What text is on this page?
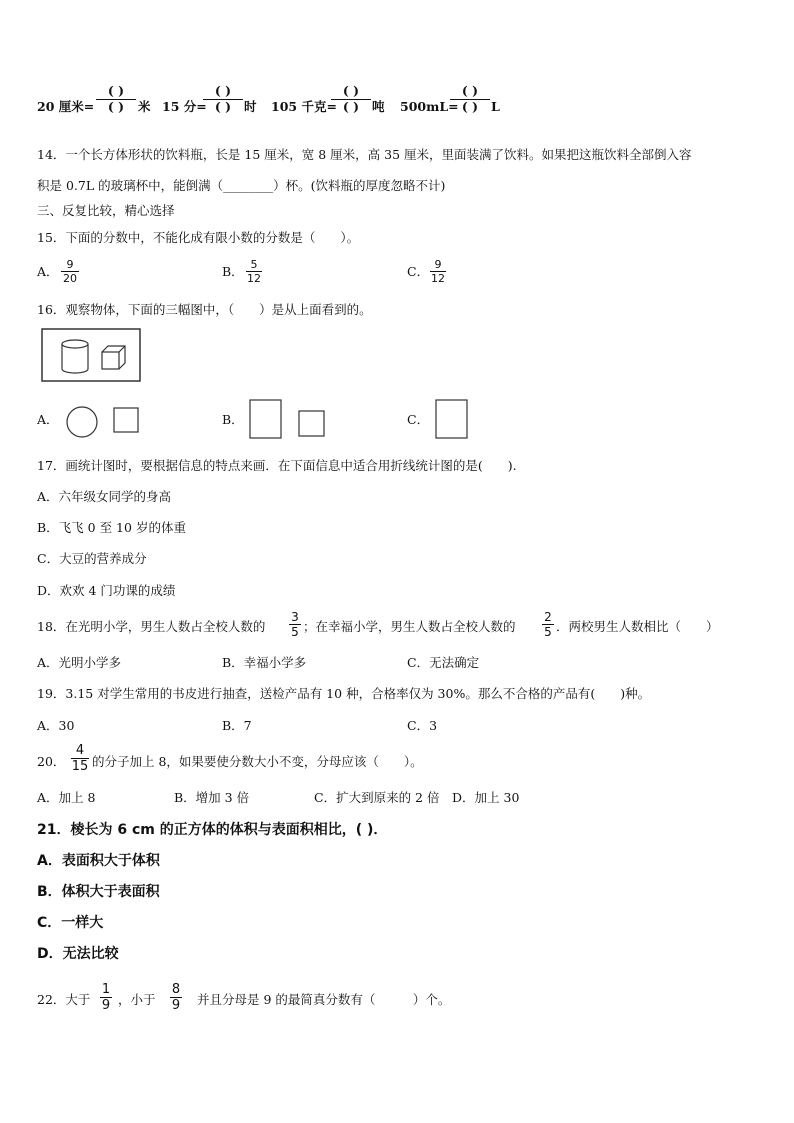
20 厘米=
( )
( )	米 15 分=
( )
( )	时 105 千克=
( )
( )	吨 500mL=
( )
( )	L
14．一个长方体形状的饮料瓶，长是 15 厘米，宽 8 厘米，高 35 厘米，里面装满了饮料。如果把这瓶饮料全部倒入容
积是 0.7L 的玻璃杯中，能倒满（________）杯。(饮料瓶的厚度忽略不计)
三、反复比较，精心选择
15．下面的分数中，不能化成有限小数的分数是（　　）。
A． 9
20	B． 5
12	C． 9
12
16．观察物体，下面的三幅图中，（　　）是从上面看到的。
A．	B．	C．
17．画统计图时，要根据信息的特点来画．在下面信息中适合用折线统计图的是(　　).
A．六年级女同学的身高
B．飞飞 0 至 10 岁的体重
C．大豆的营养成分
D．欢欢 4 门功课的成绩
18．在光明小学，男生人数占全校人数的
3
5 ；在幸福小学，男生人数占全校人数的
2
5 ．两校男生人数相比（　　）
A．光明小学多	B．幸福小学多	C．无法确定
19．3.15 对学生常用的书皮进行抽查，送检产品有 10 种，合格率仅为 30%。那么不合格的产品有(　　)种。
A．30	B．7	C．3
20．
4
15 的分子加上 8，如果要使分数大小不变，分母应该（　　）。
A．加上 8	B．增加 3 倍	C．扩大到原来的 2 倍 D．加上 30
21．棱长为 6 cm 的正方体的体积与表面积相比，( )．
A．表面积大于体积
B．体积大于表面积
C．一样大
D．无法比较
22．大于
1
9 ，小于
8
9 并且分母是 9 的最简真分数有（　　　）个。
